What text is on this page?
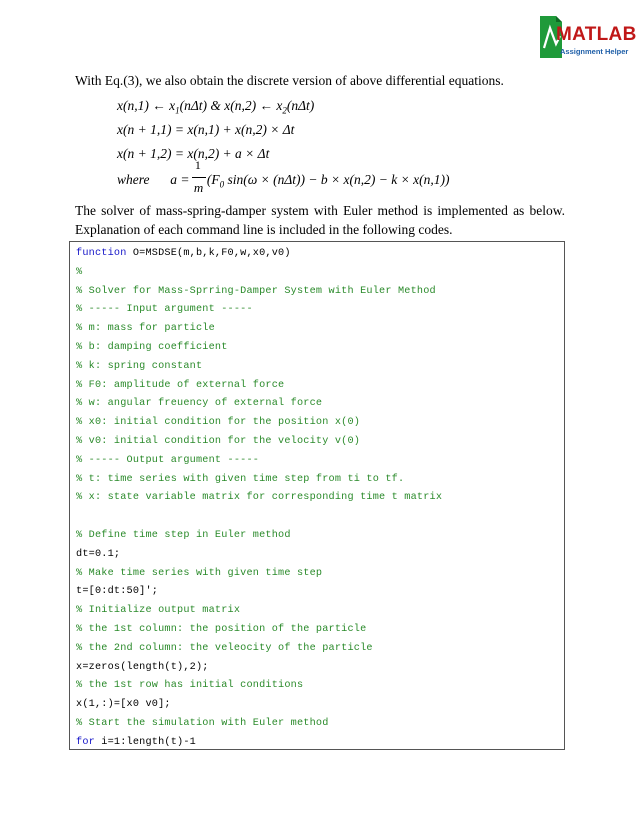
MATLAB
Assignment Helper
With Eq.(3), we also obtain the discrete version of above differential equations.
x(n,1) ← $x_1(n\Delta t)$ & x(n,2) ← $x_2(n\Delta t)$
x(n + 1,1) = x(n,1) + x(n,2) × Δt
x(n + 1,2) = x(n,2) + a × Δt
where a =
1
m
($F_0$ sin(ω × (nΔt)) − b × x(n,2) − k × x(n,1))
The solver of mass-spring-damper system with Euler method is implemented as below.
Explanation of each command line is included in the following codes.
function O=MSDSE(m,b,k,F0,w,x0,v0)
%
% Solver for Mass-Sprring-Damper System with Euler Method
% ----- Input argument -----
% m: mass for particle
% b: damping coefficient
% k: spring constant
% F0: amplitude of external force
% w: angular freuency of external force
% x0: initial condition for the position x(0)
% v0: initial condition for the velocity v(0)
% ----- Output argument -----
% t: time series with given time step from ti to tf.
% x: state variable matrix for corresponding time t matrix
% Define time step in Euler method
dt=0.1;
% Make time series with given time step
t=[0:dt:50]';
% Initialize output matrix
% the 1st column: the position of the particle
% the 2nd column: the veleocity of the particle
x=zeros(length(t),2);
% the 1st row has initial conditions
x(1,:)=[x0 v0];
% Start the simulation with Euler method
for i=1:length(t)-1
